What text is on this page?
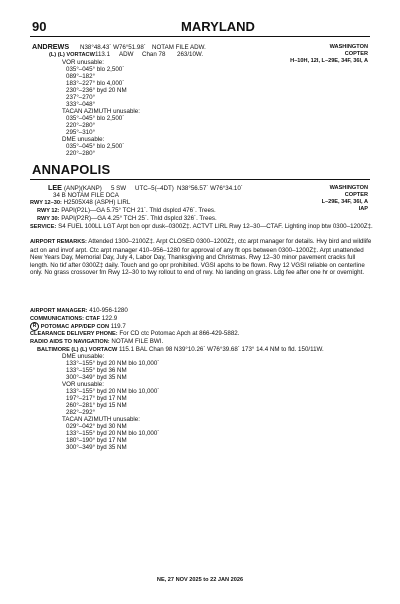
90	MARYLAND
ANDREWS N38°48.43´ W76°51.98´ NOTAM FILE ADW.	WASHINGTON
COPTER
H–10H, 12I, L–29E, 34F, 36I, A
(L) (L) VORTACW 113.1 ADW Chan 78 263/10W.
VOR unusable:
035°–045° blo 2,500´
089°–182°
183°–227° blo 4,000´
230°–236° byd 20 NM
237°–270°
333°–048°
TACAN AZIMUTH unusable:
035°–045° blo 2,500´
220°–280°
295°–310°
DME unusable:
035°–045° blo 2,500´
220°–280°
ANNAPOLIS
LEE (ANP)(KANP) 5 SW UTC–5(–4DT) N38°56.57´ W76°34.10´	WASHINGTON
34 B NOTAM FILE DCA	COPTER
L–29E, 34F, 36I, A
IAP
RWY 12–30: H2505X48 (ASPH) LIRL
RWY 12: PAPI(P2L)—GA 5.75° TCH 21´. Thld dsplcd 476´. Trees.
RWY 30: PAPI(P2R)—GA 4.25° TCH 25´. Thld dsplcd 326´. Trees.
SERVICE: S4 FUEL 100LL LGT Arpt bcn opr dusk–0300Z‡. ACTVT LIRL Rwy 12–30—CTAF. Lighting inop btw 0300–1200Z‡.
AIRPORT REMARKS: Attended 1300–2100Z‡. Arpt CLOSED 0300–1200Z‡, ctc arpt manager for details. Hvy bird and wildlife act on and invof arpt. Ctc arpt manager 410–956–1280 for approval of any flt ops between 0300–1200Z‡. Arpt unattended New Years Day, Memorial Day, July 4, Labor Day, Thanksgiving and Christmas. Rwy 12–30 minor pavement cracks full length. No tkf after 0300Z‡ daily. Touch and go opr prohibited. VGSI apchs to be flown. Rwy 12 VGSI reliable on centerline only. No grass crossover fm Rwy 12–30 to twy rollout to end of rwy. No landing on grass. Ldg fee after one hr or overnight.
AIRPORT MANAGER: 410-956-1280
COMMUNICATIONS: CTAF 122.9
R POTOMAC APP/DEP CON 119.7
CLEARANCE DELIVERY PHONE: For CD ctc Potomac Apch at 866-429-5882.
RADIO AIDS TO NAVIGATION: NOTAM FILE BWI.
BALTIMORE (L) (L) VORTACW 115.1 BAL Chan 98 N39°10.26´ W76°39.68´ 173° 14.4 NM to fld. 150/11W.
DME unusable:
133°–155° byd 20 NM blo 10,000´
133°–155° byd 36 NM
300°–349° byd 35 NM
VOR unusable:
133°–155° byd 20 NM blo 10,000´
197°–217° byd 17 NM
260°–281° byd 15 NM
282°–292°
TACAN AZIMUTH unusable:
029°–042° byd 30 NM
133°–155° byd 20 NM blo 10,000´
180°–190° byd 17 NM
300°–349° byd 35 NM
NE, 27 NOV 2025 to 22 JAN 2026
